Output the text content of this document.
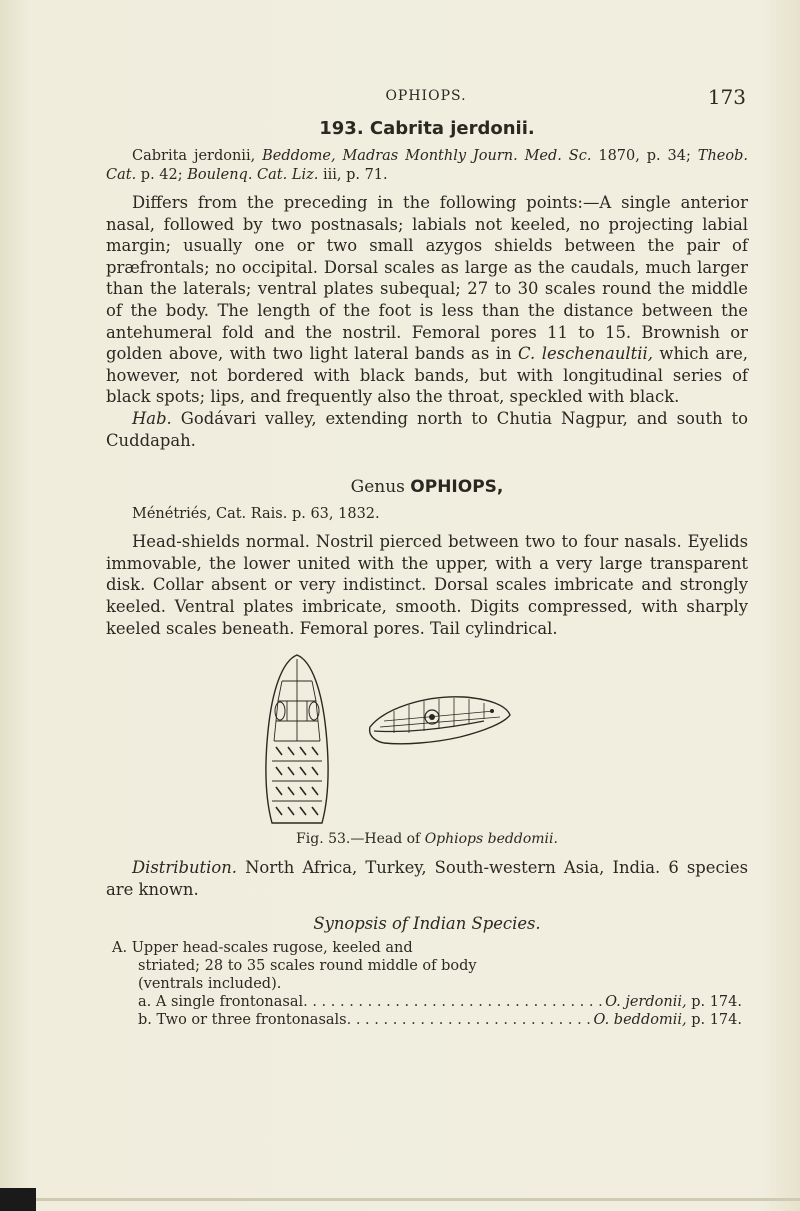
OPHIOPS.	173
193. Cabrita jerdonii.

Cabrita jerdonii, Beddome, Madras Monthly Journ. Med. Sc. 1870, p. 34; Theob. Cat. p. 42; Boulenq. Cat. Liz. iii, p. 71.

Differs from the preceding in the following points:—A single anterior nasal, followed by two postnasals; labials not keeled, no projecting labial margin; usually one or two small azygos shields between the pair of præfrontals; no occipital. Dorsal scales as large as the caudals, much larger than the laterals; ventral plates subequal; 27 to 30 scales round the middle of the body. The length of the foot is less than the distance between the antehumeral fold and the nostril. Femoral pores 11 to 15. Brownish or golden above, with two light lateral bands as in C. leschenaultii, which are, however, not bordered with black bands, but with longitudinal series of black spots; lips, and frequently also the throat, speckled with black.

Hab. Godávari valley, extending north to Chutia Nagpur, and south to Cuddapah.

Genus OPHIOPS,

Ménétriés, Cat. Rais. p. 63, 1832.

Head-shields normal. Nostril pierced between two to four nasals. Eyelids immovable, the lower united with the upper, with a very large transparent disk. Collar absent or very indistinct. Dorsal scales imbricate and strongly keeled. Ventral plates imbricate, smooth. Digits compressed, with sharply keeled scales beneath. Femoral pores. Tail cylindrical.

Fig. 53.—Head of Ophiops beddomii.

Distribution. North Africa, Turkey, South-western Asia, India. 6 species are known.

Synopsis of Indian Species.

A. Upper head-scales rugose, keeled and striated; 28 to 35 scales round middle of body (ventrals included).

a. A single frontonasal . . .	O. jerdonii, p. 174.
b. Two or three frontonasals . . .	O. beddomii, p. 174.
